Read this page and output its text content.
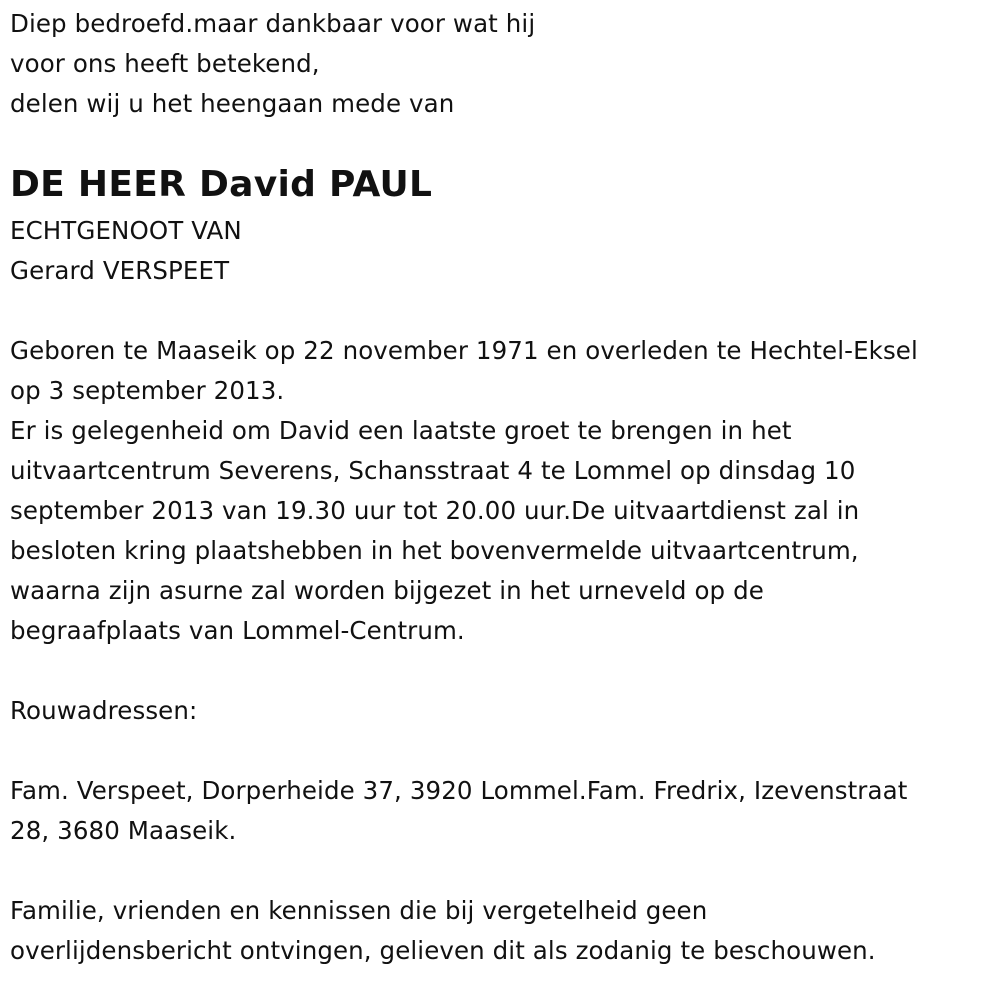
Diep bedroefd.maar dankbaar voor wat hij
voor ons heeft betekend,
delen wij u het heengaan mede van
DE HEER David PAUL
ECHTGENOOT VAN
Gerard VERSPEET
Geboren te Maaseik op 22 november 1971 en overleden te Hechtel-Eksel
op 3 september 2013.
Er is gelegenheid om David een laatste groet te brengen in het
uitvaartcentrum Severens, Schansstraat 4 te Lommel op dinsdag 10
september 2013 van 19.30 uur tot 20.00 uur.De uitvaartdienst zal in
besloten kring plaatshebben in het bovenvermelde uitvaartcentrum,
waarna zijn asurne zal worden bijgezet in het urneveld op de
begraafplaats van Lommel-Centrum.
Rouwadressen:
Fam. Verspeet, Dorperheide 37, 3920 Lommel.Fam. Fredrix, Izevenstraat
28, 3680 Maaseik.
Familie, vrienden en kennissen die bij vergetelheid geen
overlijdensbericht ontvingen, gelieven dit als zodanig te beschouwen.
